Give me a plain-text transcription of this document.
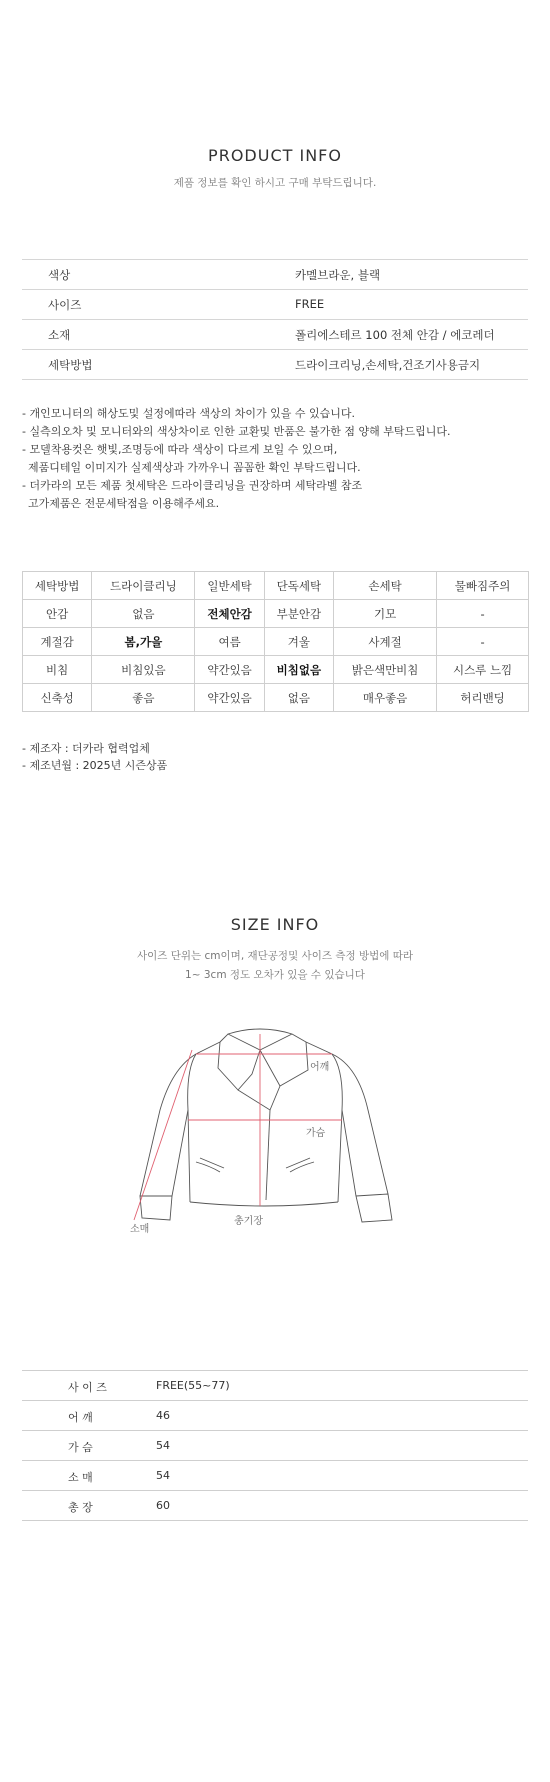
PRODUCT INFO
제품 정보를 확인 하시고 구매 부탁드립니다.
색상	카멜브라운, 블랙
사이즈	FREE
소재	폴리에스테르 100 전체 안감 / 에코레더
세탁방법	드라이크리닝,손세탁,건조기사용금지
- 개인모니터의 해상도및 설정에따라 색상의 차이가 있을 수 있습니다.
- 실측의오차 및 모니터와의 색상차이로 인한 교환및 반품은 불가한 점 양해 부탁드립니다.
- 모델착용컷은 햇빛,조명등에 따라 색상이 다르게 보일 수 있으며,
제품디테일 이미지가 실제색상과 가까우니 꼼꼼한 확인 부탁드립니다.
- 더카라의 모든 제품 첫세탁은 드라이클리닝을 권장하며 세탁라벨 참조
고가제품은 전문세탁점을 이용해주세요.
세탁방법	드라이클리닝	일반세탁	단독세탁	손세탁	물빠짐주의
안감	없음	전체안감	부분안감	기모	-
계절감	봄,가을	여름	겨울	사계절	-
비침	비침있음	약간있음	비침없음	밝은색만비침	시스루 느낌
신축성	좋음	약간있음	없음	매우좋음	허리밴딩
- 제조자 : 더카라 협력업체
- 제조년월 : 2025년 시즌상품
SIZE INFO
사이즈 단위는 cm이며, 재단공정및 사이즈 측정 방법에 따라
1~ 3cm 정도 오차가 있을 수 있습니다
어깨
가슴
소매
총기장
사 이 즈	FREE(55~77)
어 깨	46
가 슴	54
소 매	54
총 장	60
